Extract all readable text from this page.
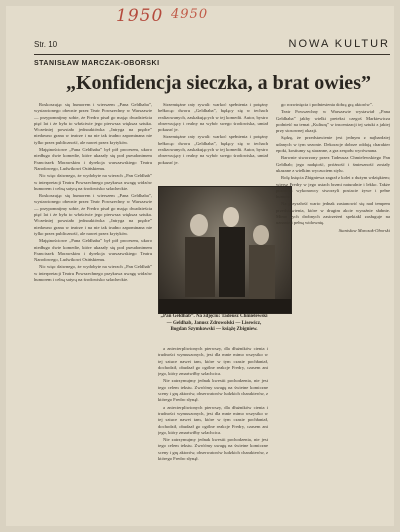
1950 4950
Str. 10	NOWA KULTUR
STANISŁAW MARCZAK-OBORSKI
„Konfidencja sieczka, a brat owies”

Roskoszując się humorem i wierszem „Pana Geldhaba”, wystawionego obecnie przez Teatr Powszechny w Warszawie — przypomnijmy sobie, że Fredro pisał go mając dwadzieścia pięć lat i że była to właściwie jego pierwsza większa sztuka. Wcześniej powstało jednoaktówka „Intryga na prędce” niedawno grana w teatrze i na nie tak trudno zapominana nie tylko przez publiczność, ale nawet przez krytyków.

Majętnościowe „Pana Geldhaba” był pół procesem, ukoro niedługo dwie komedie, które ukazały się pod pseudonimem Franciszek Morawskim i dyrekcja warszawskiego Teatru Narodowego, Ludwikowi Osińskiemu.

Nic więc dziwnego, że wydobyte na wierzch „Pan Geldhab” w interpretacji Teatru Powszechnego przykuwa uwagę widzów humorem i celną satyrą na środowisko szlacheckie.

Roskoszując się humorem i wierszem „Pana Geldhaba”, wystawionego obecnie przez Teatr Powszechny w Warszawie — przypomnijmy sobie, że Fredro pisał go mając dwadzieścia pięć lat i że była to właściwie jego pierwsza większa sztuka. Wcześniej powstało jednoaktówka „Intryga na prędce” niedawno grana w teatrze i na nie tak trudno zapominana nie tylko przez publiczność, ale nawet przez krytyków.

Majętnościowe „Pana Geldhaba” był pół procesem, ukoro niedługo dwie komedie, które ukazały się pod pseudonimem Franciszek Morawskim i dyrekcja warszawskiego Teatru Narodowego, Ludwikowi Osińskiemu.

Nic więc dziwnego, że wydobyte na wierzch „Pan Geldhab” w interpretacji Teatru Powszechnego przykuwa uwagę widzów humorem i celną satyrą na środowisko szlacheckie.

Strzemiężne raty rywali: warkoć spełnienia i potężny bełkocąc dworu „Geldhaba”, będący się w techach realizowanych, zaskakujących w tej komedii. Autor, bystro obserwujący i realny na wybór swego środowiska, umiał pokazać je.

Strzemiężne raty rywali: warkoć spełnienia i potężny bełkocąc dworu „Geldhaba”, będący się w techach realizowanych, zaskakujących w tej komedii. Autor, bystro obserwujący i realny na wybór swego środowiska, umiał pokazać je.

„Pan Geldhab”. Na zdjęciu: Tadeusz Chmielewski — Geldhab, Janusz Zdrowolski — Lisewicz, Bogdan Szymkowski — książę Zbigniew.

a zniecierpliwionych pierwszy, dla dłużników cienia i trudności wymuszonych, jest dla mnie mimo wszystko w tej sztuce nawet tam, które w tym czasie pochłaniał, dochodził, obudzał go ogólne reakcje Fredry, czasem ani jego, który zmartwiłby szlachcica.

Nie zatrzymujmy jednak kwestii pochodzenia, nie jest tego celem tekstu. Zwróćmy uwagę na świetne komiczne sceny i grę aktorów, obserwatorów ludzkich charakterów, z którego Fredro słynął.

a zniecierpliwionych pierwszy, dla dłużników cienia i trudności wymuszonych, jest dla mnie mimo wszystko w tej sztuce nawet tam, które w tym czasie pochłaniał, dochodził, obudzał go ogólne reakcje Fredry, czasem ani jego, który zmartwiłby szlachcica.

Nie zatrzymujmy jednak kwestii pochodzenia, nie jest tego celem tekstu. Zwróćmy uwagę na świetne komiczne sceny i grę aktorów, obserwatorów ludzkich charakterów, z którego Fredro słynął.

go rozwinięcia i podniesienia dobrą grą aktorów”.

Teatr Powszechny w Warszawie wystawiał „Pana Geldhaba” jakby wielki pretekst czegoś Markiewicza podnieść na temat „Kulturę” w inscenizacji tej sztuki z jakiej przy stosownej okazji.

Sądzę, że przedstawienie jest jednym z najbardziej udanych w tym sezonie. Dekoracje dobrze oddają charakter epoki, kostiumy są staranne, a gra zespołu wyrównana.

Barwnie stworzony przez Tadeusza Chmielewskiego Pan Geldhab; jego nadętość, próżność i śmieszność zostały ukazane z wielkim wyczuciem stylu.

Rolę księcia Zbigniewa zagrał z kolei z dużym wdziękiem; wiersz Fredry w jego ustach brzmi naturalnie i lekko. Także pozostali wykonawcy stworzyli postacie żywe i pełne humoru.

Na przyszłość warto jednak zastanowić się nad tempem przedstawienia, które w drugim akcie wyraźnie słabnie. Mimo tych drobnych zastrzeżeń spektakl zasługuje na uznanie i pełną widownię.

Stanisław Marczak-Oborski
